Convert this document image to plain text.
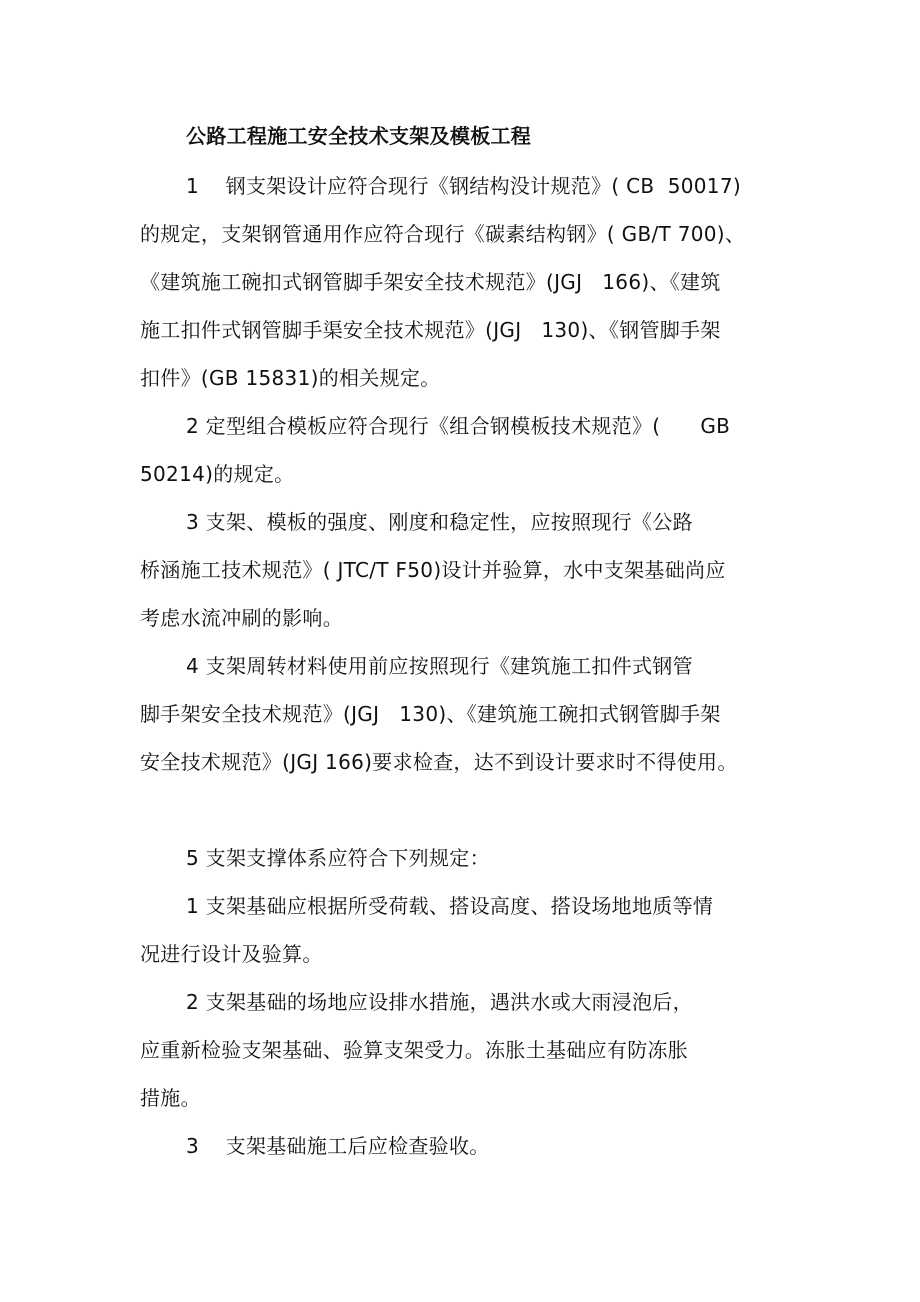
公路工程施工安全技术支架及模板工程
1    钢支架设计应符合现行《钢结构没计规范》( CB  50017)
的规定，支架钢管通用作应符合现行《碳素结构钢》( GB/T 700)、
《建筑施工碗扣式钢管脚手架安全技术规范》(JGJ   166)、《建筑
施工扣件式钢管脚手渠安全技术规范》(JGJ   130)、《钢管脚手架
扣件》(GB 15831)的相关规定。
2 定型组合模板应符合现行《组合钢模板技术规范》(      GB
50214)的规定。
3 支架、模板的强度、刚度和稳定性，应按照现行《公路
桥涵施工技术规范》( JTC/T F50)设计并验算，水中支架基础尚应
考虑水流冲刷的影响。
4 支架周转材料使用前应按照现行《建筑施工扣件式钢管
脚手架安全技术规范》(JGJ   130)、《建筑施工碗扣式钢管脚手架
安全技术规范》(JGJ 166)要求检查，达不到设计要求时不得使用。
5 支架支撑体系应符合下列规定：
1 支架基础应根据所受荷载、搭设高度、搭设场地地质等情
况进行设计及验算。
2 支架基础的场地应设排水措施，遇洪水或大雨浸泡后，
应重新检验支架基础、验算支架受力。冻胀土基础应有防冻胀
措施。
3    支架基础施工后应检查验收。
